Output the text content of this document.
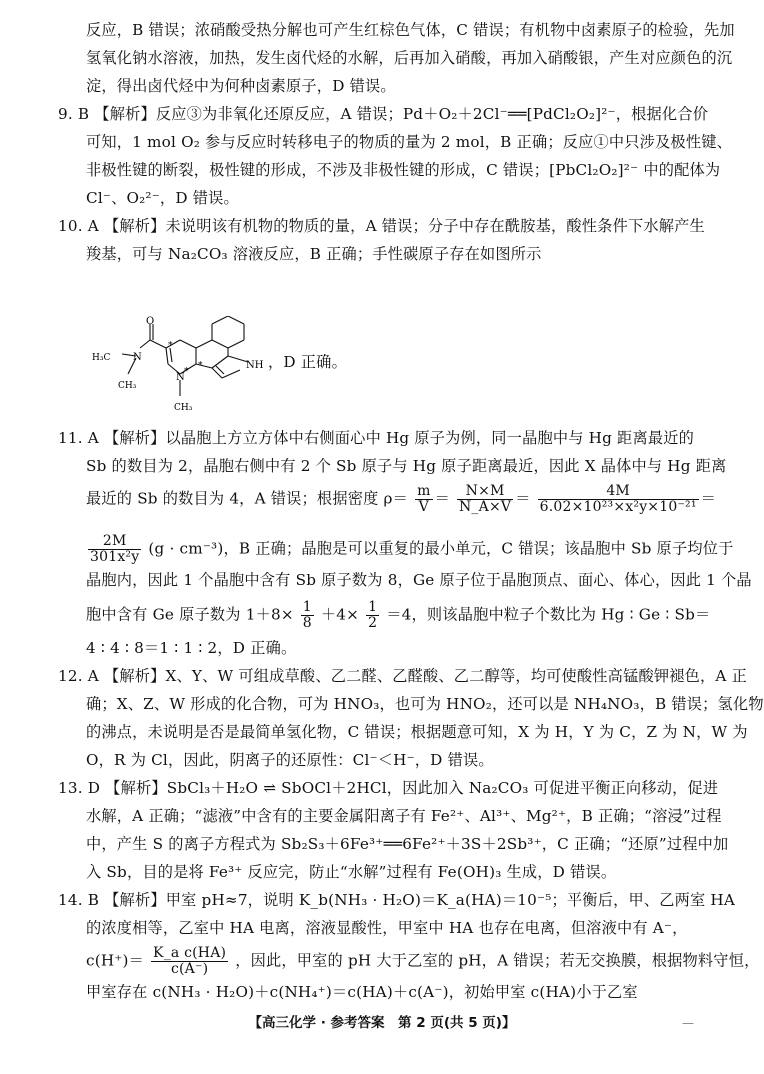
反应，B 错误；浓硝酸受热分解也可产生红棕色气体，C 错误；有机物中卤素原子的检验，先加
氢氧化钠水溶液，加热，发生卤代烃的水解，后再加入硝酸，再加入硝酸银，产生对应颜色的沉
淀，得出卤代烃中为何种卤素原子，D 错误。
9. B 【解析】反应③为非氧化还原反应，A 错误；Pd＋O₂＋2Cl⁻══[PdCl₂O₂]²⁻，根据化合价
可知，1 mol O₂ 参与反应时转移电子的物质的量为 2 mol，B 正确；反应①中只涉及极性键、
非极性键的断裂，极性键的形成，不涉及非极性键的形成，C 错误；[PbCl₂O₂]²⁻ 中的配体为
Cl⁻、O₂²⁻，D 错误。
10. A 【解析】未说明该有机物的物质的量，A 错误；分子中存在酰胺基，酸性条件下水解产生
羧基，可与 Na₂CO₃ 溶液反应，B 正确；手性碳原子存在如图所示
O
N
H₃C
CH₃
N
CH₃
NH
*
*
*
，D 正确。
11. A 【解析】以晶胞上方立方体中右侧面心中 Hg 原子为例，同一晶胞中与 Hg 距离最近的
Sb 的数目为 2，晶胞右侧中有 2 个 Sb 原子与 Hg 原子距离最近，因此 X 晶体中与 Hg 距离
最近的 Sb 的数目为 4，A 错误；根据密度 $\rho= \frac{m}{V} = \frac{N\times M}{N\_A\times V} = \frac{4M}{\text{6.02×10²³×x²y×10⁻²¹}}$ ＝
$\frac{2M}{\text{301x²y}} (g \cdot cm^{-3})$，B 正确；晶胞是可以重复的最小单元，C 错误；该晶胞中 Sb 原子均位于
晶胞内，因此 1 个晶胞中含有 Sb 原子数为 8，Ge 原子位于晶胞顶点、面心、体心，因此 1 个晶
胞中含有 Ge 原子数为 $1+8\times \frac{1}{8} +4\times \frac{1}{2} =4$，则该晶胞中粒子个数比为 Hg ∶ Ge ∶ Sb＝
4 ∶ 4 ∶ 8＝1 ∶ 1 ∶ 2，D 正确。
12. A 【解析】X、Y、W 可组成草酸、乙二醛、乙醛酸、乙二醇等，均可使酸性高锰酸钾褪色，A 正
确；X、Z、W 形成的化合物，可为 HNO₃，也可为 HNO₂，还可以是 NH₄NO₃，B 错误；氢化物
的沸点，未说明是否是最简单氢化物，C 错误；根据题意可知，X 为 H，Y 为 C，Z 为 N，W 为
O，R 为 Cl，因此，阴离子的还原性：Cl⁻＜H⁻，D 错误。
13. D 【解析】SbCl₃＋H₂O ⇌ SbOCl＋2HCl，因此加入 Na₂CO₃ 可促进平衡正向移动，促进
水解，A 正确；“滤液”中含有的主要金属阳离子有 Fe²⁺、Al³⁺、Mg²⁺，B 正确；“溶浸”过程
中，产生 S 的离子方程式为 Sb₂S₃＋6Fe³⁺══6Fe²⁺＋3S＋2Sb³⁺，C 正确；“还原”过程中加
入 Sb，目的是将 Fe³⁺ 反应完，防止“水解”过程有 Fe(OH)₃ 生成，D 错误。
14. B 【解析】甲室 pH≈7，说明 K_b(NH₃ · H₂O)＝K_a(HA)＝10⁻⁵；平衡后，甲、乙两室 HA
的浓度相等，乙室中 HA 电离，溶液显酸性，甲室中 HA 也存在电离，但溶液中有 A⁻，
$c(H^+)= \frac{\text{K\_a c(HA)}}{c(A^-)}$ ，因此，甲室的 pH 大于乙室的 pH，A 错误；若无交换膜，根据物料守恒，
甲室存在 c(NH₃ · H₂O)＋c(NH₄⁺)＝c(HA)＋c(A⁻)，初始甲室 c(HA)小于乙室
【高三化学 · 参考答案　第 2 页(共 5 页)】	—
